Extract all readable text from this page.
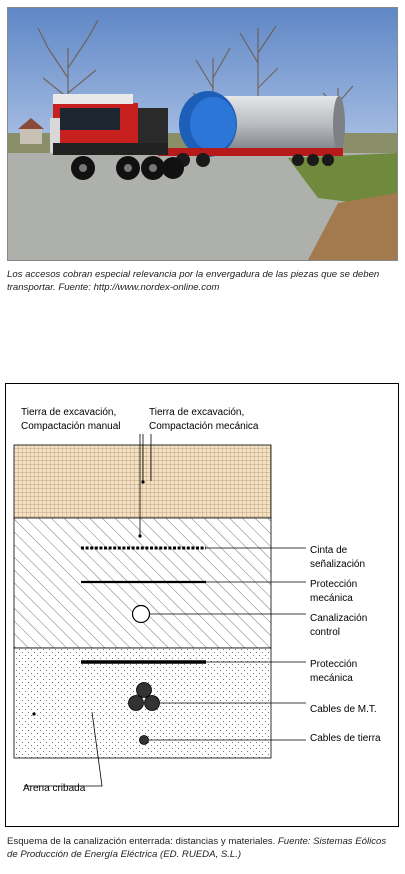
Los accesos cobran especial relevancia por la envergadura de las piezas que se deben transportar. Fuente: http://www.nordex-online.com
Tierra de excavación,
Compactación manual
Tierra de excavación,
Compactación mecánica
Cinta de
señalización
Protección
mecánica
Canalización
control
Protección
mecánica
Cables de M.T.
Cables de tierra
Arena cribada
Esquema de la canalización enterrada: distancias y materiales. Fuente: Sistemas Eólicos de Producción de Energía Eléctrica (ED. RUEDA, S.L.)
